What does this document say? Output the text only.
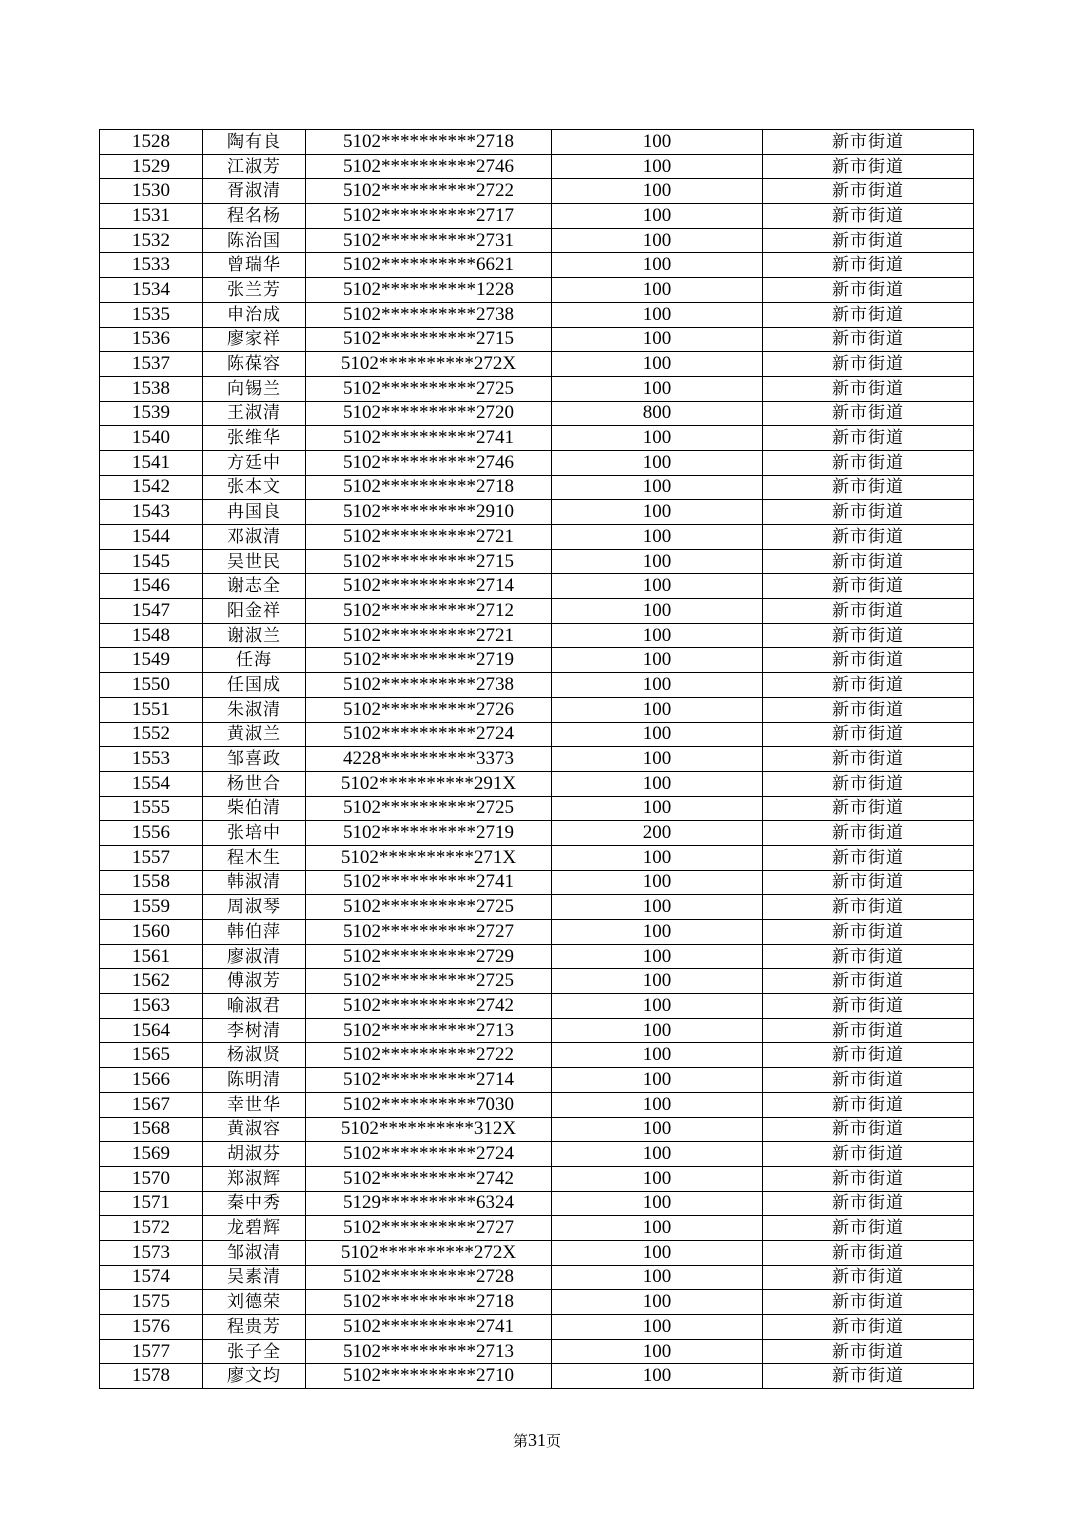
1528	陶有良	5102**********2718	100	新市街道
1529	江淑芳	5102**********2746	100	新市街道
1530	胥淑清	5102**********2722	100	新市街道
1531	程名杨	5102**********2717	100	新市街道
1532	陈治国	5102**********2731	100	新市街道
1533	曾瑞华	5102**********6621	100	新市街道
1534	张兰芳	5102**********1228	100	新市街道
1535	申治成	5102**********2738	100	新市街道
1536	廖家祥	5102**********2715	100	新市街道
1537	陈葆容	5102**********272X	100	新市街道
1538	向锡兰	5102**********2725	100	新市街道
1539	王淑清	5102**********2720	800	新市街道
1540	张维华	5102**********2741	100	新市街道
1541	方廷中	5102**********2746	100	新市街道
1542	张本文	5102**********2718	100	新市街道
1543	冉国良	5102**********2910	100	新市街道
1544	邓淑清	5102**********2721	100	新市街道
1545	吴世民	5102**********2715	100	新市街道
1546	谢志全	5102**********2714	100	新市街道
1547	阳金祥	5102**********2712	100	新市街道
1548	谢淑兰	5102**********2721	100	新市街道
1549	任海	5102**********2719	100	新市街道
1550	任国成	5102**********2738	100	新市街道
1551	朱淑清	5102**********2726	100	新市街道
1552	黄淑兰	5102**********2724	100	新市街道
1553	邹喜政	4228**********3373	100	新市街道
1554	杨世合	5102**********291X	100	新市街道
1555	柴伯清	5102**********2725	100	新市街道
1556	张培中	5102**********2719	200	新市街道
1557	程木生	5102**********271X	100	新市街道
1558	韩淑清	5102**********2741	100	新市街道
1559	周淑琴	5102**********2725	100	新市街道
1560	韩伯萍	5102**********2727	100	新市街道
1561	廖淑清	5102**********2729	100	新市街道
1562	傅淑芳	5102**********2725	100	新市街道
1563	喻淑君	5102**********2742	100	新市街道
1564	李树清	5102**********2713	100	新市街道
1565	杨淑贤	5102**********2722	100	新市街道
1566	陈明清	5102**********2714	100	新市街道
1567	幸世华	5102**********7030	100	新市街道
1568	黄淑容	5102**********312X	100	新市街道
1569	胡淑芬	5102**********2724	100	新市街道
1570	郑淑辉	5102**********2742	100	新市街道
1571	秦中秀	5129**********6324	100	新市街道
1572	龙碧辉	5102**********2727	100	新市街道
1573	邹淑清	5102**********272X	100	新市街道
1574	吴素清	5102**********2728	100	新市街道
1575	刘德荣	5102**********2718	100	新市街道
1576	程贵芳	5102**********2741	100	新市街道
1577	张子全	5102**********2713	100	新市街道
1578	廖文均	5102**********2710	100	新市街道
第31页
